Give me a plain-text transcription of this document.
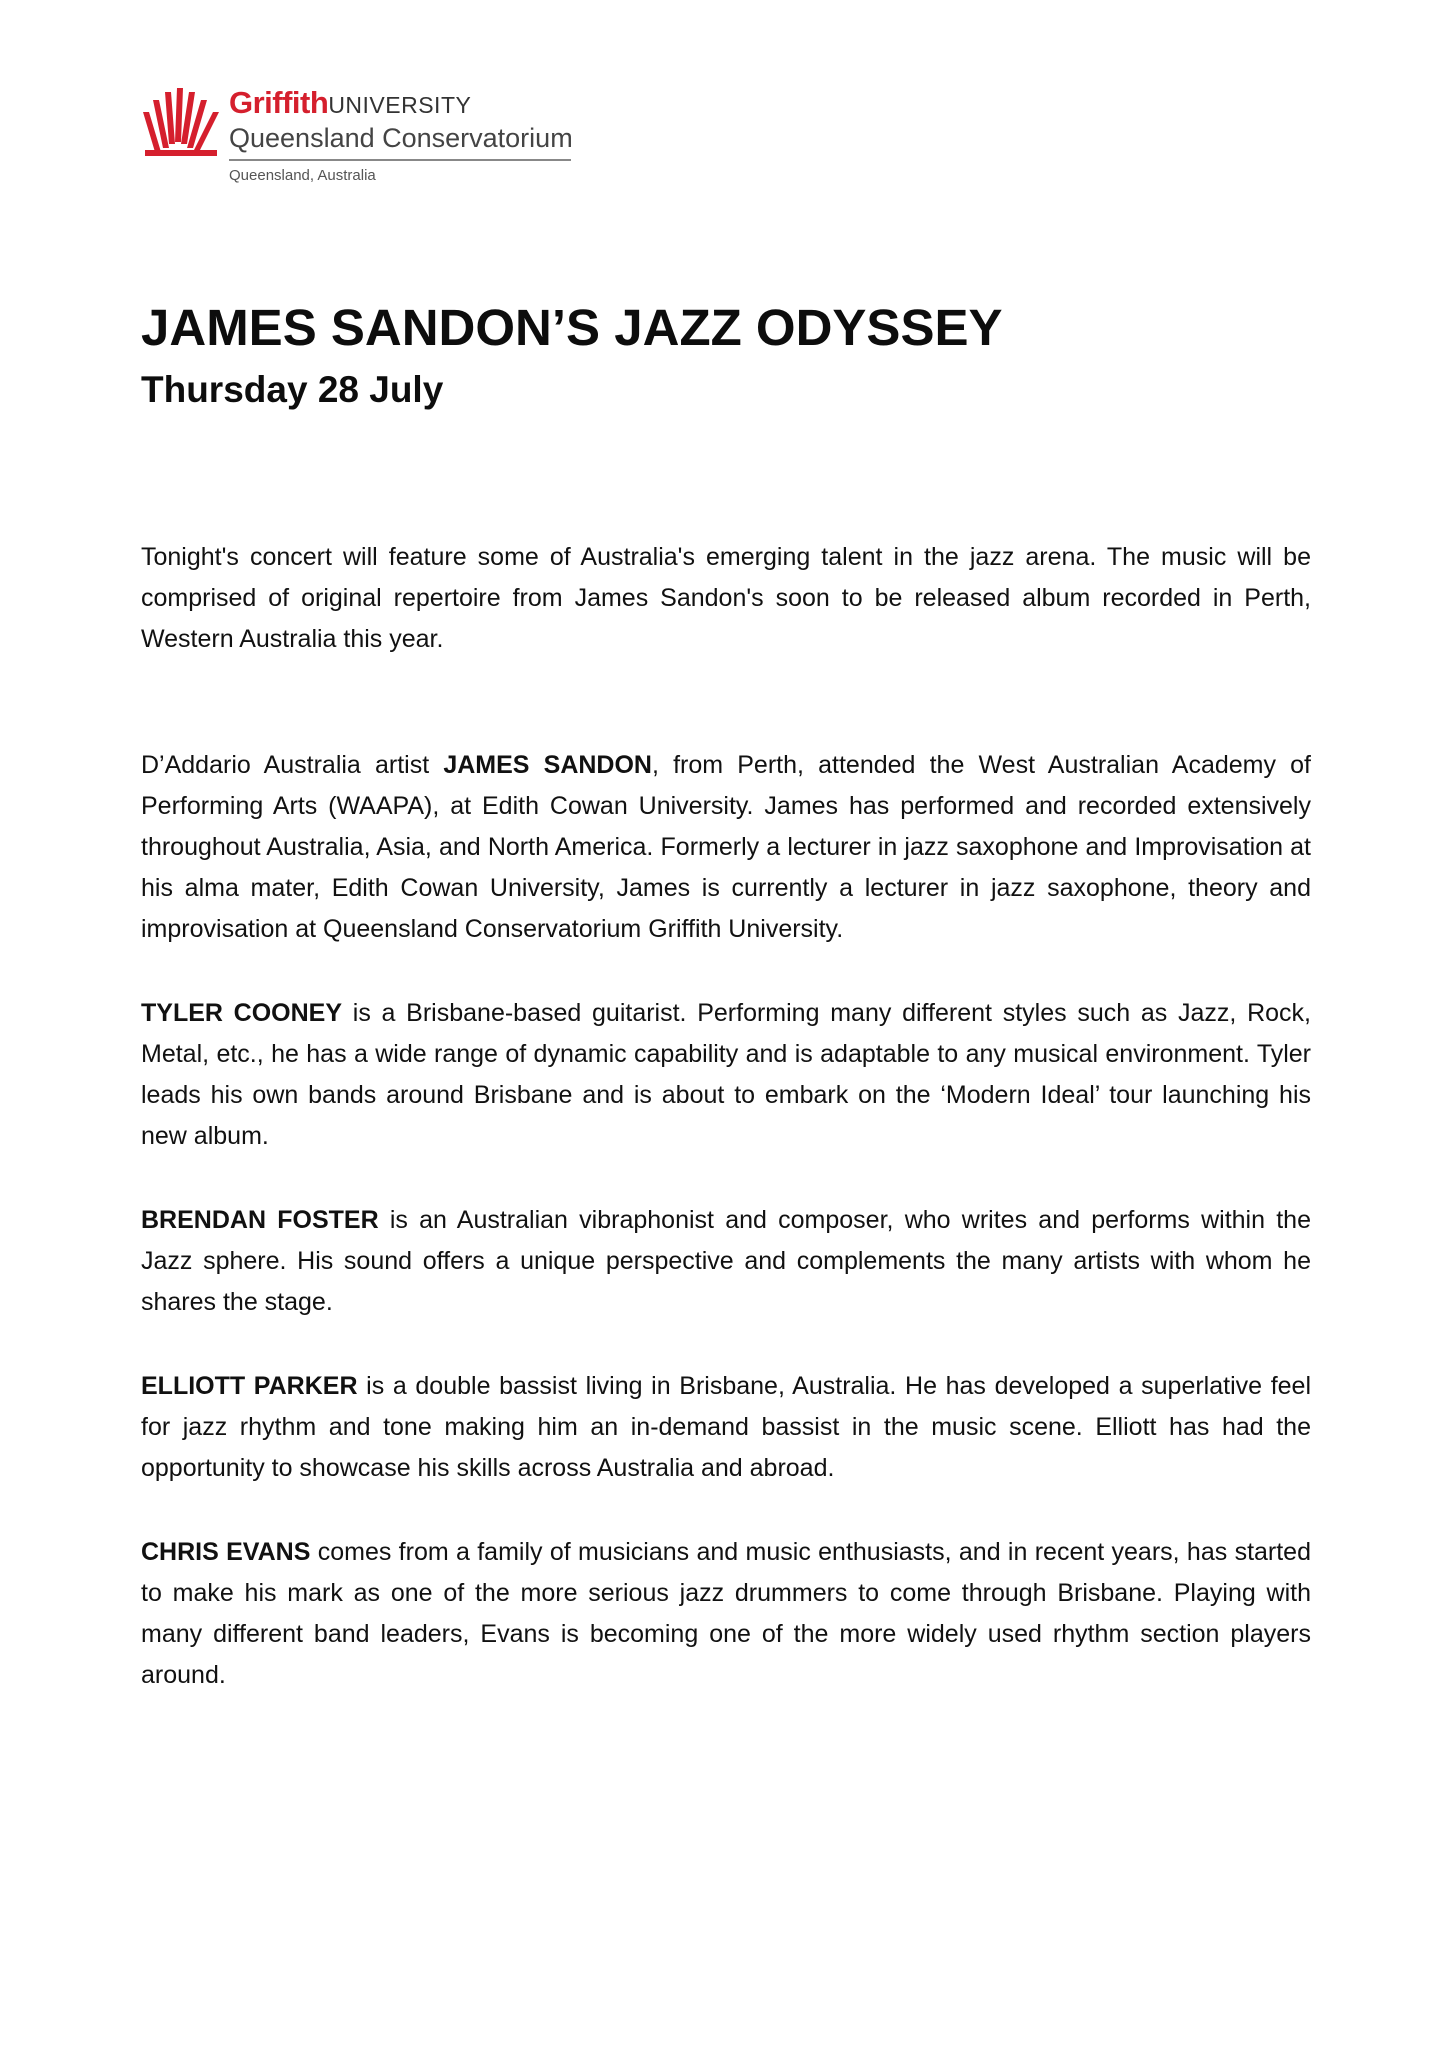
GriffithUNIVERSITY
Queensland Conservatorium
Queensland, Australia
JAMES SANDON’S JAZZ ODYSSEY
Thursday 28 July

Tonight's concert will feature some of Australia's emerging talent in the jazz arena. The music will be comprised of original repertoire from James Sandon's soon to be released album recorded in Perth, Western Australia this year.

D’Addario Australia artist JAMES SANDON, from Perth, attended the West Australian Academy of Performing Arts (WAAPA), at Edith Cowan University. James has performed and recorded extensively throughout Australia, Asia, and North America. Formerly a lecturer in jazz saxophone and Improvisation at his alma mater, Edith Cowan University, James is currently a lecturer in jazz saxophone, theory and improvisation at Queensland Conservatorium Griffith University.

TYLER COONEY is a Brisbane-based guitarist. Performing many different styles such as Jazz, Rock, Metal, etc., he has a wide range of dynamic capability and is adaptable to any musical environment. Tyler leads his own bands around Brisbane and is about to embark on the ‘Modern Ideal’ tour launching his new album.

BRENDAN FOSTER is an Australian vibraphonist and composer, who writes and performs within the Jazz sphere. His sound offers a unique perspective and complements the many artists with whom he shares the stage.

ELLIOTT PARKER is a double bassist living in Brisbane, Australia. He has developed a superlative feel for jazz rhythm and tone making him an in-demand bassist in the music scene. Elliott has had the opportunity to showcase his skills across Australia and abroad.

CHRIS EVANS comes from a family of musicians and music enthusiasts, and in recent years, has started to make his mark as one of the more serious jazz drummers to come through Brisbane. Playing with many different band leaders, Evans is becoming one of the more widely used rhythm section players around.
